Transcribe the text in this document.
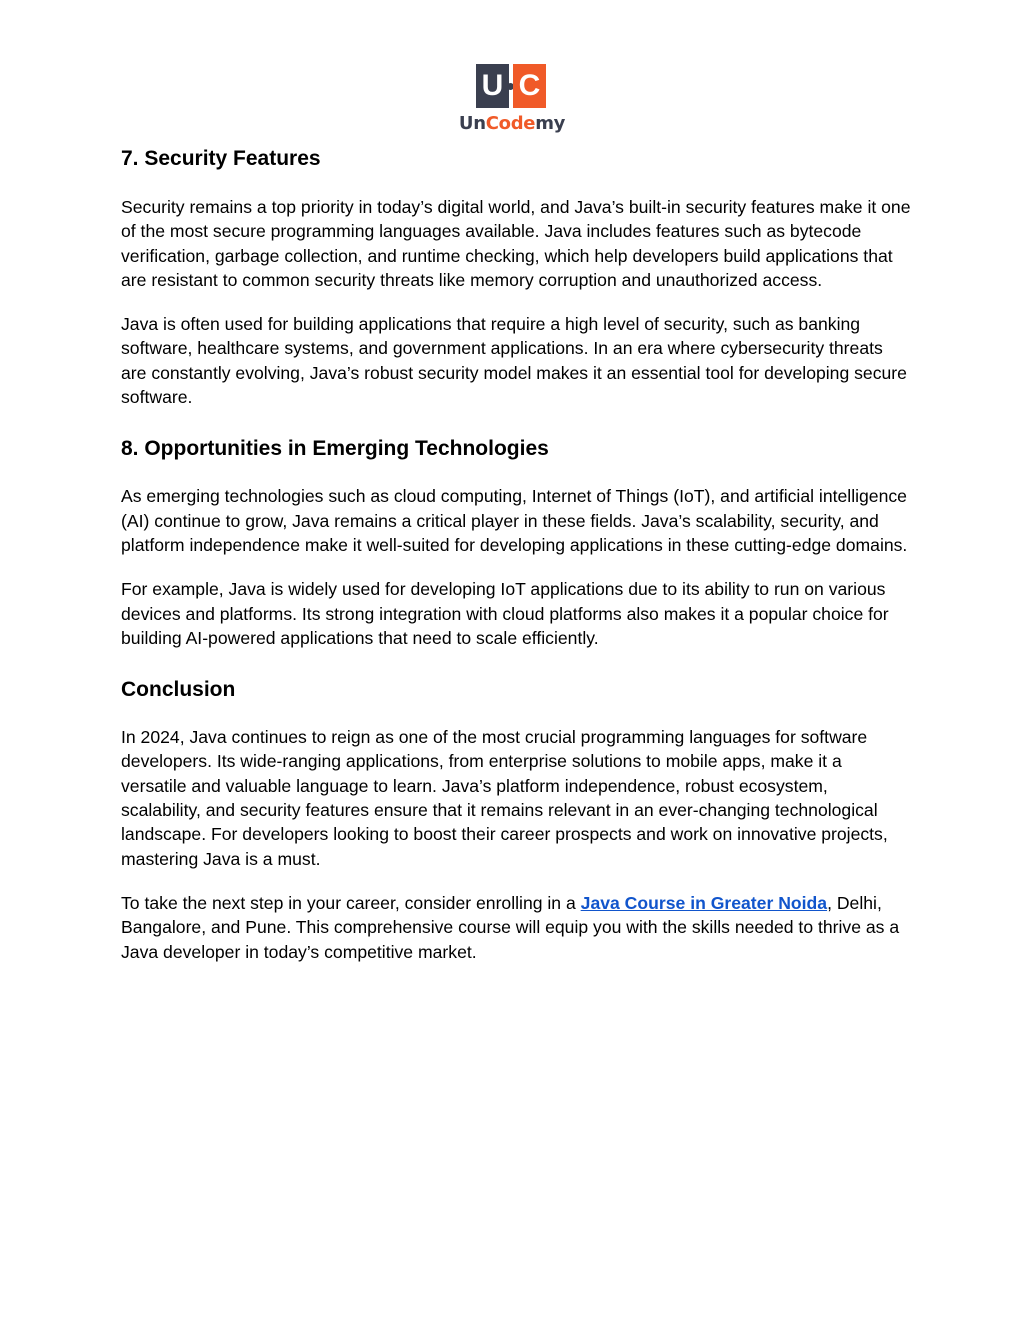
U C
UnCodemy
7. Security Features

Security remains a top priority in today’s digital world, and Java’s built-in security features make it one of the most secure programming languages available. Java includes features such as bytecode verification, garbage collection, and runtime checking, which help developers build applications that are resistant to common security threats like memory corruption and unauthorized access.

Java is often used for building applications that require a high level of security, such as banking software, healthcare systems, and government applications. In an era where cybersecurity threats are constantly evolving, Java’s robust security model makes it an essential tool for developing secure software.

8. Opportunities in Emerging Technologies

As emerging technologies such as cloud computing, Internet of Things (IoT), and artificial intelligence (AI) continue to grow, Java remains a critical player in these fields. Java’s scalability, security, and platform independence make it well-suited for developing applications in these cutting-edge domains.

For example, Java is widely used for developing IoT applications due to its ability to run on various devices and platforms. Its strong integration with cloud platforms also makes it a popular choice for building AI-powered applications that need to scale efficiently.

Conclusion

In 2024, Java continues to reign as one of the most crucial programming languages for software developers. Its wide-ranging applications, from enterprise solutions to mobile apps, make it a versatile and valuable language to learn. Java’s platform independence, robust ecosystem, scalability, and security features ensure that it remains relevant in an ever-changing technological landscape. For developers looking to boost their career prospects and work on innovative projects, mastering Java is a must.

To take the next step in your career, consider enrolling in a Java Course in Greater Noida, Delhi, Bangalore, and Pune. This comprehensive course will equip you with the skills needed to thrive as a Java developer in today’s competitive market.
